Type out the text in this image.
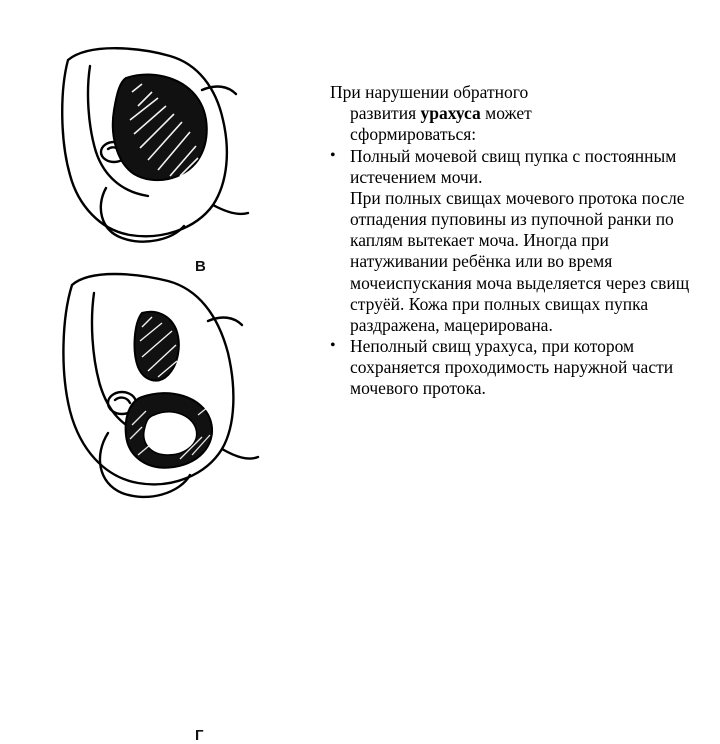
В
Г
При нарушении обратного
развития урахуса может
сформироваться:
• Полный мочевой свищ пупка с постоянным истечением мочи.
При полных свищах мочевого протока после отпадения пуповины из пупочной ранки по каплям вытекает моча. Иногда при натуживании ребёнка или во время мочеиспускания моча выделяется через свищ струёй. Кожа при полных свищах пупка раздражена, мацерирована.
• Неполный свищ урахуса, при котором сохраняется проходимость наружной части мочевого протока.
